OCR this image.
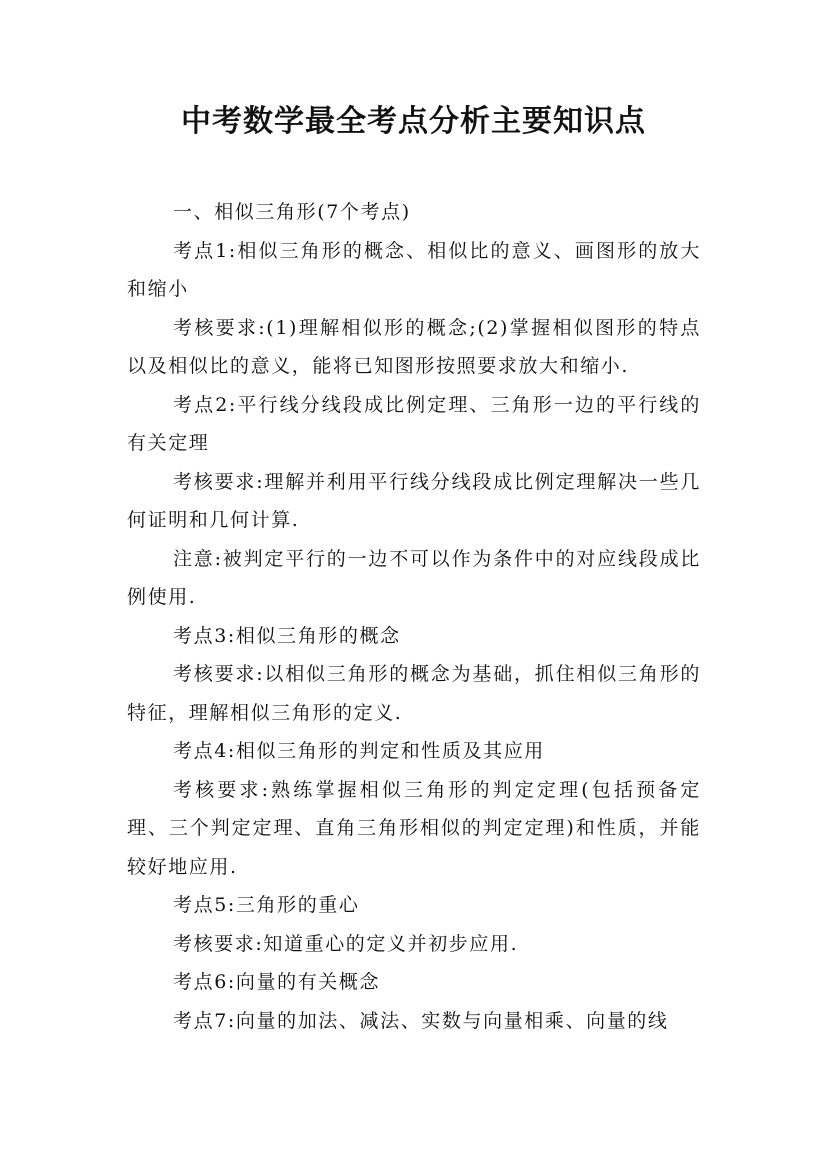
中考数学最全考点分析主要知识点

一、相似三角形(7个考点)

考点1:相似三角形的概念、相似比的意义、画图形的放大和缩小

考核要求:(1)理解相似形的概念;(2)掌握相似图形的特点以及相似比的意义，能将已知图形按照要求放大和缩小.

考点2:平行线分线段成比例定理、三角形一边的平行线的有关定理

考核要求:理解并利用平行线分线段成比例定理解决一些几何证明和几何计算.

注意:被判定平行的一边不可以作为条件中的对应线段成比例使用.

考点3:相似三角形的概念

考核要求:以相似三角形的概念为基础，抓住相似三角形的特征，理解相似三角形的定义.

考点4:相似三角形的判定和性质及其应用

考核要求:熟练掌握相似三角形的判定定理(包括预备定理、三个判定定理、直角三角形相似的判定定理)和性质，并能较好地应用.

考点5:三角形的重心

考核要求:知道重心的定义并初步应用.

考点6:向量的有关概念

考点7:向量的加法、减法、实数与向量相乘、向量的线
